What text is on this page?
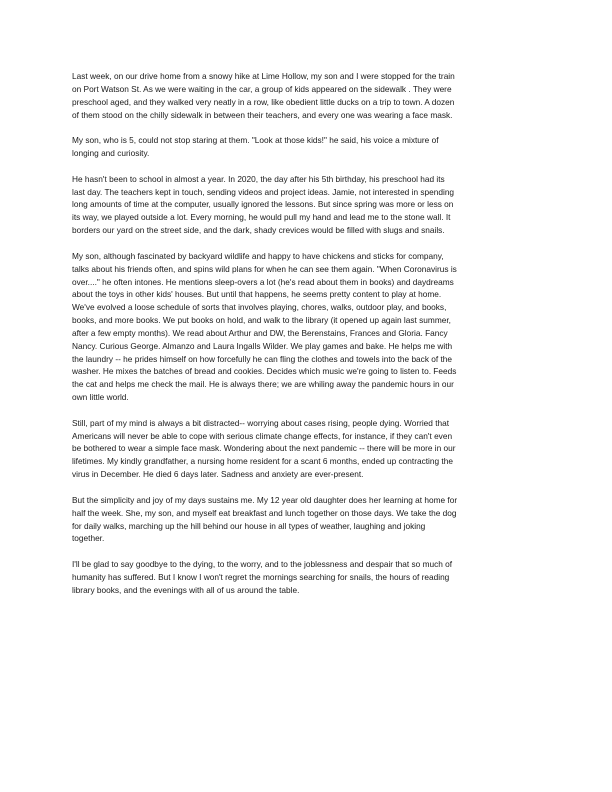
Last week, on our drive home from a snowy hike at Lime Hollow, my son and I were stopped for the train
on Port Watson St. As we were waiting in the car, a group of kids appeared on the sidewalk . They were
preschool aged, and they walked very neatly in a row, like obedient little ducks on a trip to town. A dozen
of them stood on the chilly sidewalk in between their teachers, and every one was wearing a face mask.

My son, who is 5, could not stop staring at them. "Look at those kids!" he said, his voice a mixture of
longing and curiosity.

He hasn't been to school in almost a year. In 2020, the day after his 5th birthday, his preschool had its
last day. The teachers kept in touch, sending videos and project ideas. Jamie, not interested in spending
long amounts of time at the computer, usually ignored the lessons. But since spring was more or less on
its way, we played outside a lot. Every morning, he would pull my hand and lead me to the stone wall. It
borders our yard on the street side, and the dark, shady crevices would be filled with slugs and snails.

My son, although fascinated by backyard wildlife and happy to have chickens and sticks for company,
talks about his friends often, and spins wild plans for when he can see them again. "When Coronavirus is
over...." he often intones. He mentions sleep-overs a lot (he's read about them in books) and daydreams
about the toys in other kids' houses. But until that happens, he seems pretty content to play at home.
We've evolved a loose schedule of sorts that involves playing, chores, walks, outdoor play, and books,
books, and more books. We put books on hold, and walk to the library (it opened up again last summer,
after a few empty months). We read about Arthur and DW, the Berenstains, Frances and Gloria. Fancy
Nancy. Curious George. Almanzo and Laura Ingalls Wilder. We play games and bake. He helps me with
the laundry -- he prides himself on how forcefully he can fling the clothes and towels into the back of the
washer. He mixes the batches of bread and cookies. Decides which music we're going to listen to. Feeds
the cat and helps me check the mail. He is always there; we are whiling away the pandemic hours in our
own little world.

Still, part of my mind is always a bit distracted-- worrying about cases rising, people dying. Worried that
Americans will never be able to cope with serious climate change effects, for instance, if they can't even
be bothered to wear a simple face mask. Wondering about the next pandemic -- there will be more in our
lifetimes. My kindly grandfather, a nursing home resident for a scant 6 months, ended up contracting the
virus in December. He died 6 days later. Sadness and anxiety are ever-present.

But the simplicity and joy of my days sustains me. My 12 year old daughter does her learning at home for
half the week. She, my son, and myself eat breakfast and lunch together on those days. We take the dog
for daily walks, marching up the hill behind our house in all types of weather, laughing and joking
together.

I'll be glad to say goodbye to the dying, to the worry, and to the joblessness and despair that so much of
humanity has suffered. But I know I won't regret the mornings searching for snails, the hours of reading
library books, and the evenings with all of us around the table.
